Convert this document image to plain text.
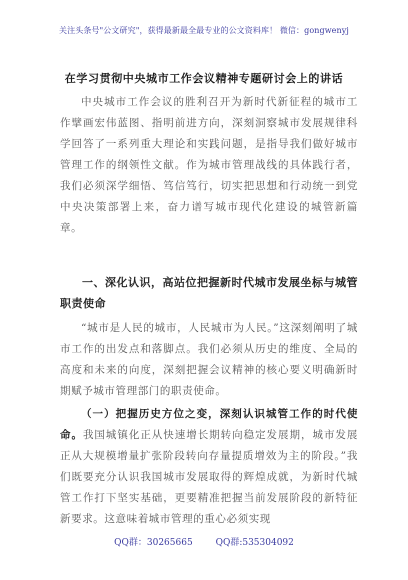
关注头条号"公文研究"，获得最新最全最专业的公文资料库！ 微信：gongwenyj
在学习贯彻中央城市工作会议精神专题研讨会上的讲话
中央城市工作会议的胜利召开为新时代新征程的城市工作擘画宏伟蓝图、指明前进方向，深刻洞察城市发展规律科学回答了一系列重大理论和实践问题，是指导我们做好城市管理工作的纲领性文献。作为城市管理战线的具体践行者，我们必须深学细悟、笃信笃行，切实把思想和行动统一到党中央决策部署上来，奋力谱写城市现代化建设的城管新篇章。
一、深化认识，高站位把握新时代城市发展坐标与城管职责使命
“城市是人民的城市，人民城市为人民。”这深刻阐明了城市工作的出发点和落脚点。我们必须从历史的维度、全局的高度和未来的向度，深刻把握会议精神的核心要义明确新时期赋予城市管理部门的职责使命。
（一）把握历史方位之变，深刻认识城管工作的时代使命。我国城镇化正从快速增长期转向稳定发展期，城市发展正从大规模增量扩张阶段转向存量提质增效为主的阶段。”我们既要充分认识我国城市发展取得的辉煌成就，为新时代城管工作打下坚实基础，更要精准把握当前发展阶段的新特征新要求。这意味着城市管理的重心必须实现
QQ群：30265665	QQ群:535304092
